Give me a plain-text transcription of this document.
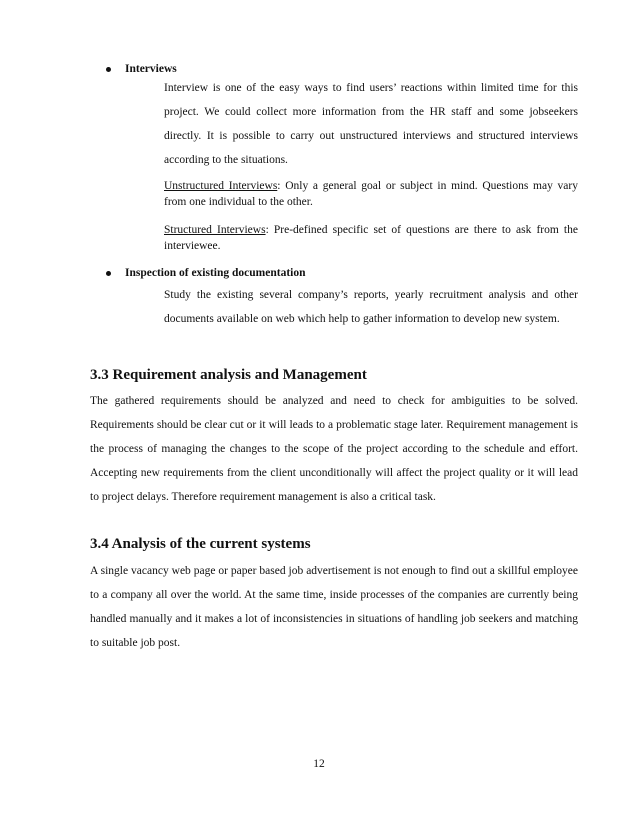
Interviews
Interview is one of the easy ways to find users’ reactions within limited time for this project. We could collect more information from the HR staff and some jobseekers directly. It is possible to carry out unstructured interviews and structured interviews according to the situations.
Unstructured Interviews: Only a general goal or subject in mind. Questions may vary from one individual to the other.
Structured Interviews: Pre-defined specific set of questions are there to ask from the interviewee.
Inspection of existing documentation
Study the existing several company’s reports, yearly recruitment analysis and other documents available on web which help to gather information to develop new system.
3.3 Requirement analysis and Management
The gathered requirements should be analyzed and need to check for ambiguities to be solved. Requirements should be clear cut or it will leads to a problematic stage later. Requirement management is the process of managing the changes to the scope of the project according to the schedule and effort. Accepting new requirements from the client unconditionally will affect the project quality or it will lead to project delays. Therefore requirement management is also a critical task.
3.4 Analysis of the current systems
A single vacancy web page or paper based job advertisement is not enough to find out a skillful employee to a company all over the world. At the same time, inside processes of the companies are currently being handled manually and it makes a lot of inconsistencies in situations of handling job seekers and matching to suitable job post.
12
